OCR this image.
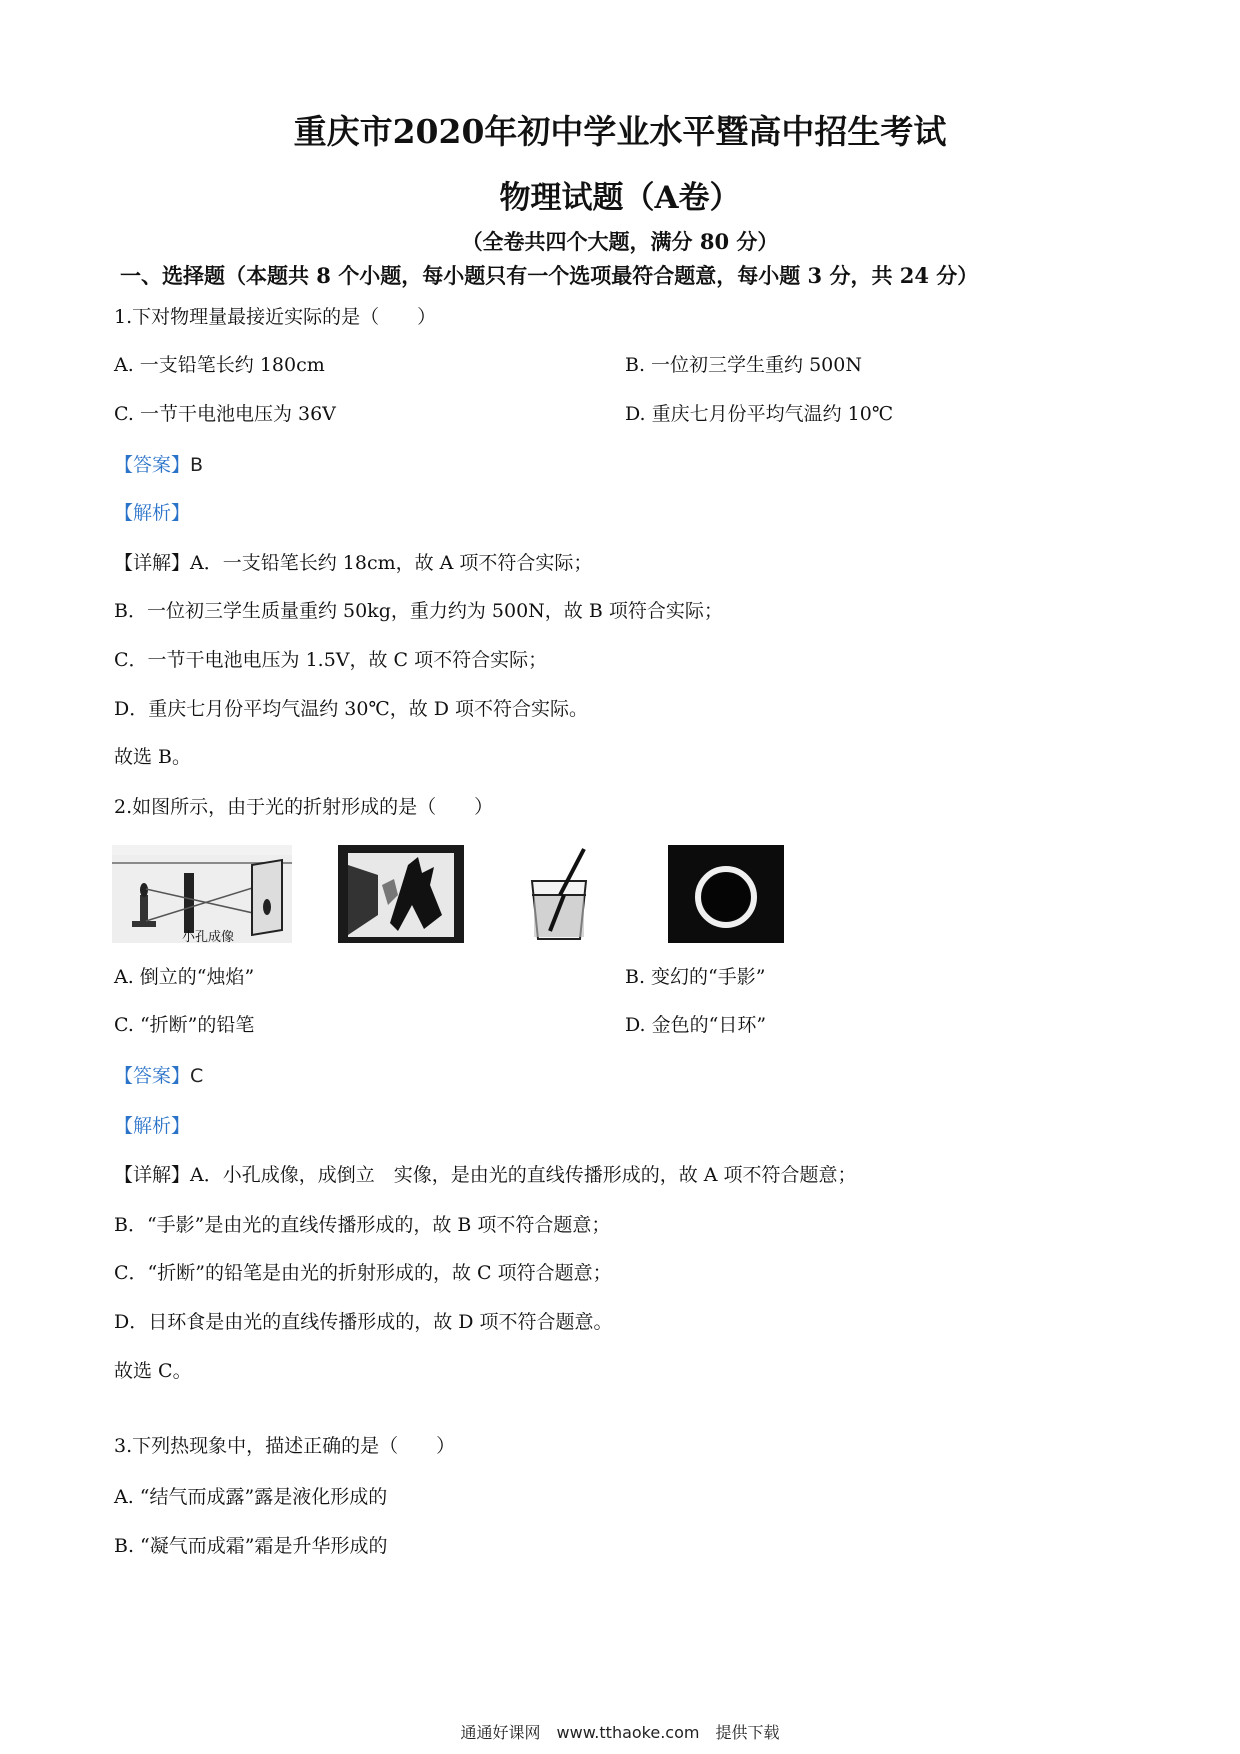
重庆市2020年初中学业水平暨高中招生考试
物理试题（A卷）
（全卷共四个大题，满分 80 分）
一、选择题（本题共 8 个小题，每小题只有一个选项最符合题意，每小题 3 分，共 24 分）
1.下对物理量最接近实际的是（　　）
A. 一支铅笔长约 180cm	B. 一位初三学生重约 500N
C. 一节干电池电压为 36V	D. 重庆七月份平均气温约 10℃
【答案】B
【解析】
【详解】A．一支铅笔长约 18cm，故 A 项不符合实际；
B．一位初三学生质量重约 50kg，重力约为 500N，故 B 项符合实际；
C．一节干电池电压为 1.5V，故 C 项不符合实际；
D．重庆七月份平均气温约 30℃，故 D 项不符合实际。
故选 B。
2.如图所示，由于光的折射形成的是（　　）
小孔成像
A. 倒立的“烛焰”	B. 变幻的“手影”
C. “折断”的铅笔	D. 金色的“日环”
【答案】C
【解析】
【详解】A．小孔成像，成倒立　实像，是由光的直线传播形成的，故 A 项不符合题意；
B．“手影”是由光的直线传播形成的，故 B 项不符合题意；
C．“折断”的铅笔是由光的折射形成的，故 C 项符合题意；
D．日环食是由光的直线传播形成的，故 D 项不符合题意。
故选 C。
3.下列热现象中，描述正确的是（　　）
A. “结气而成露”露是液化形成的
B. “凝气而成霜”霜是升华形成的
通通好课网　www.tthaoke.com　提供下载
